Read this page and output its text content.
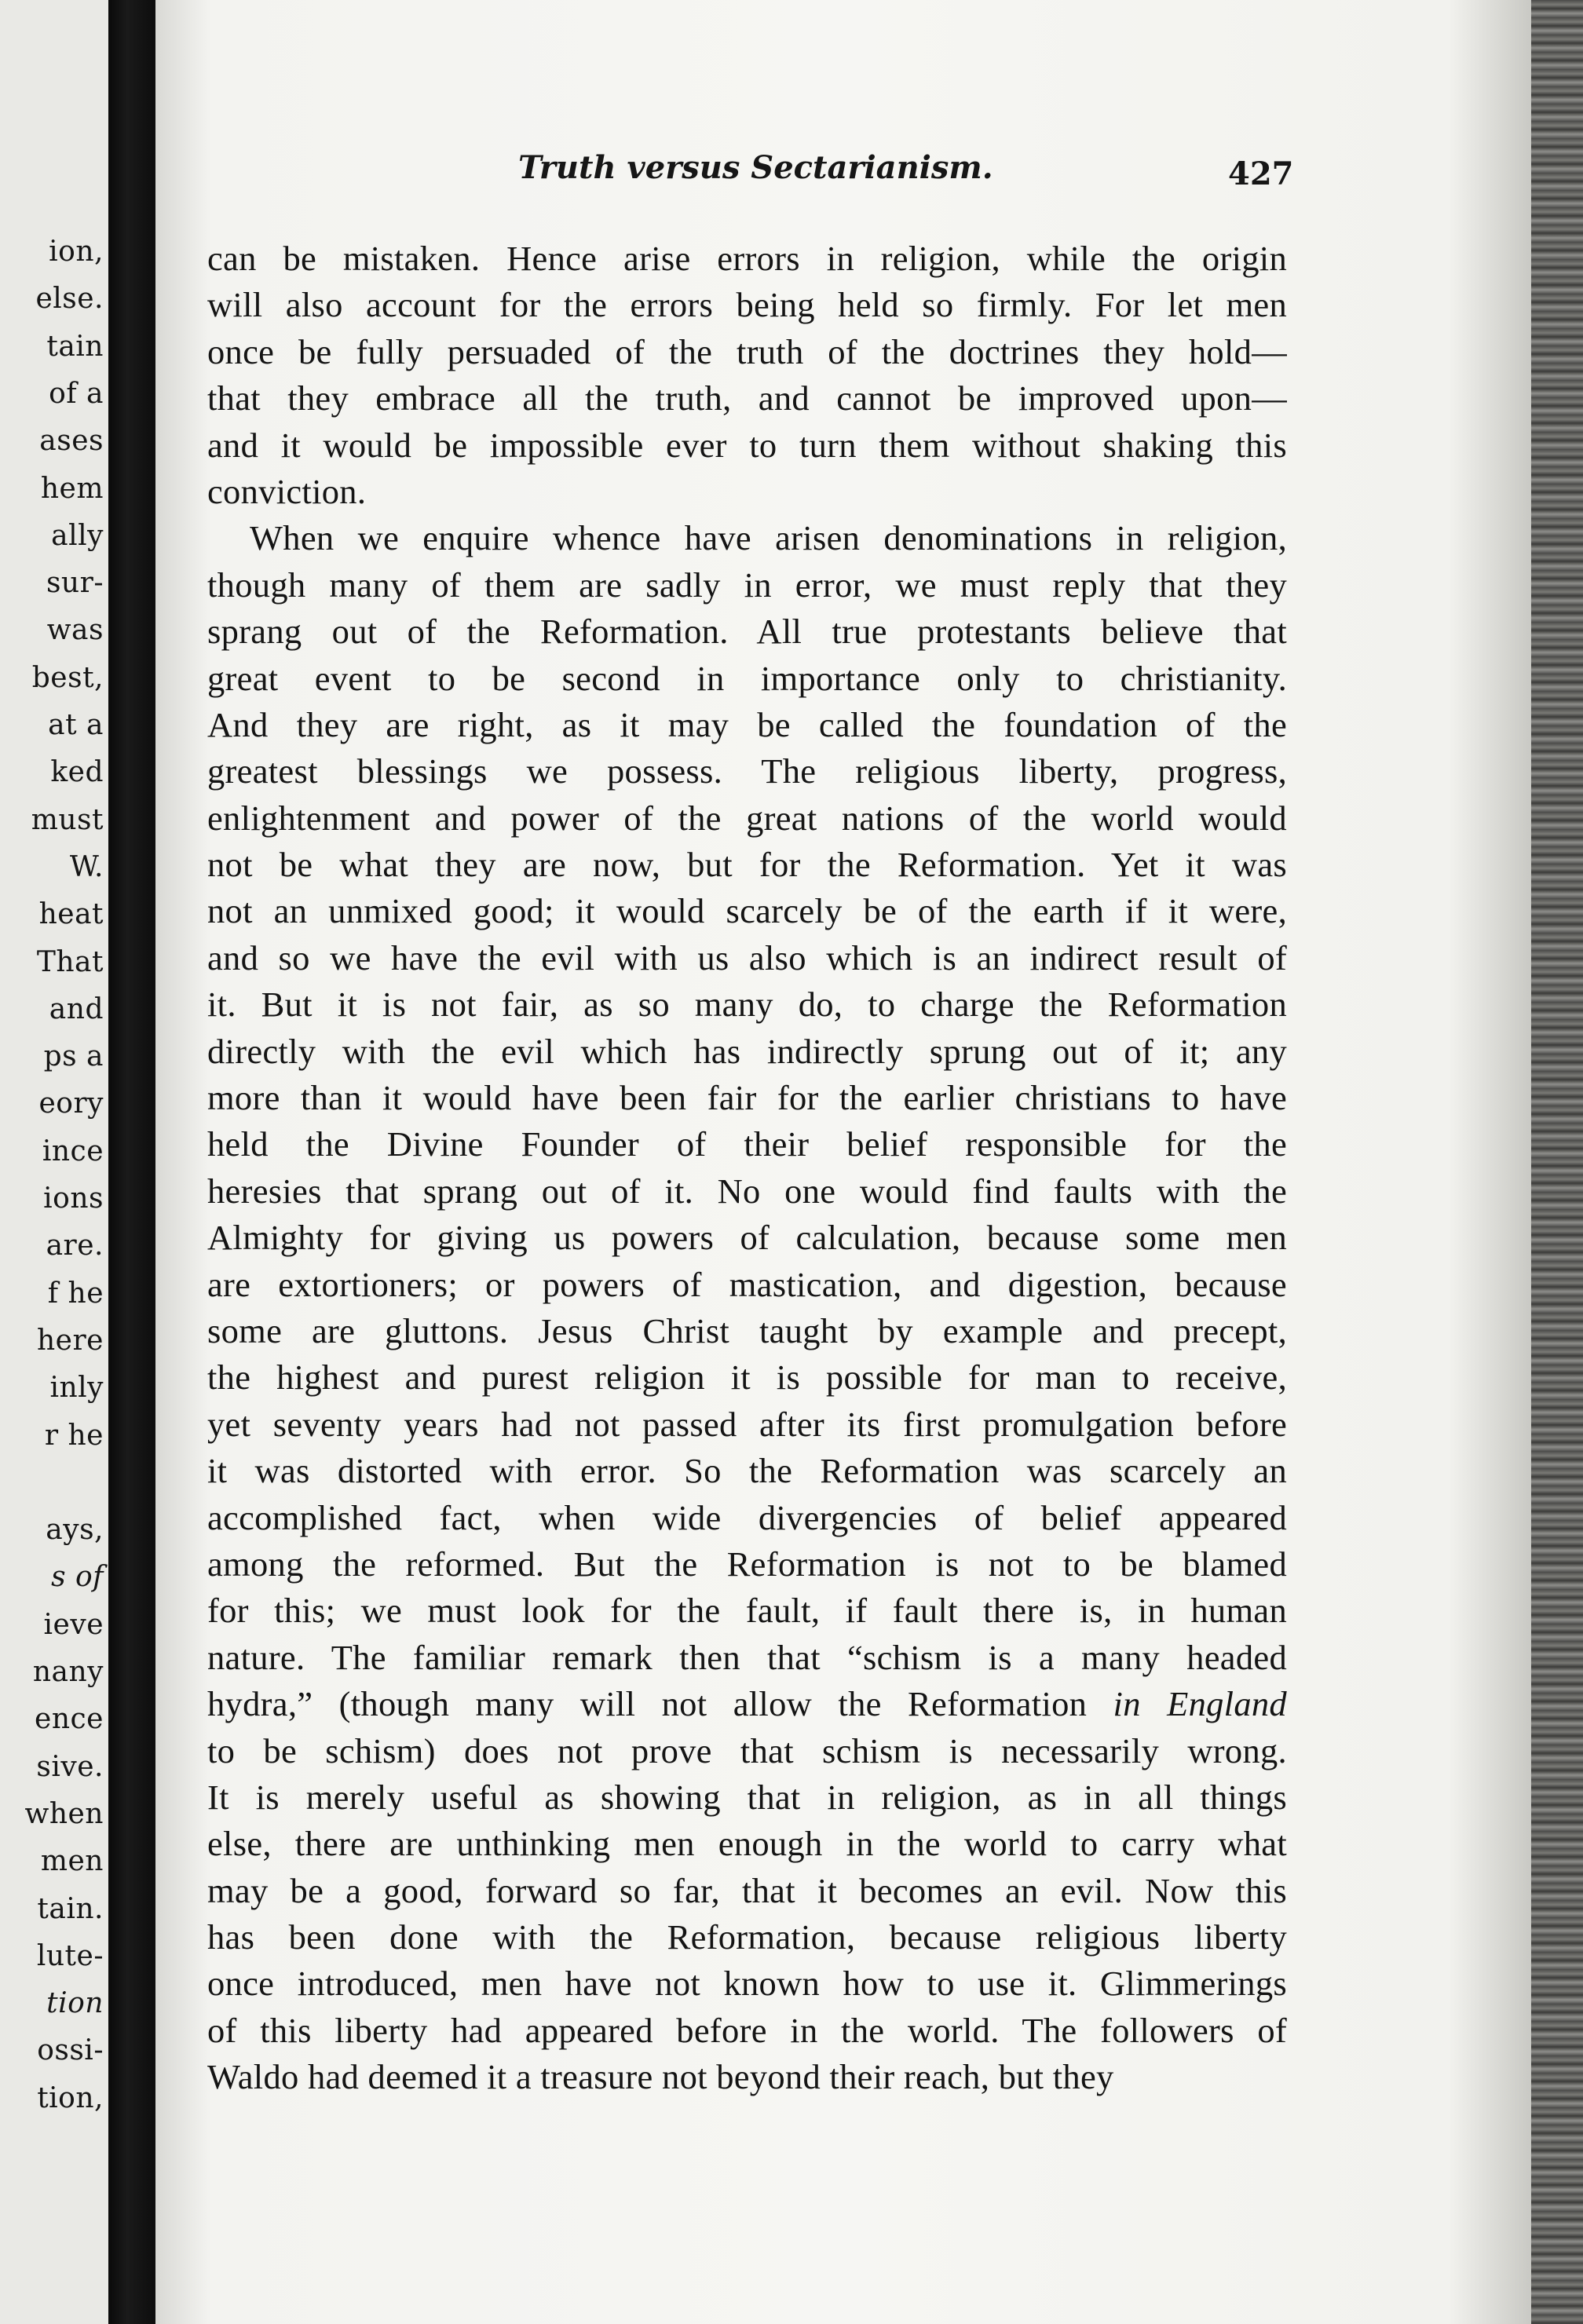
ion,
else.
tain
of a
ases
hem
ally
sur-
was
best,
at a
ked
must
W.
heat
That
and
ps a
eory
ince
ions
are.
f he
here
inly
r he
ays,
s of
ieve
nany
ence
sive.
when
men
tain.
lute-
tion
ossi-
tion,
Truth versus Sectarianism.	427
can be mistaken. Hence arise errors in religion, while the origin
will also account for the errors being held so firmly. For let men
once be fully persuaded of the truth of the doctrines they hold—
that they embrace all the truth, and cannot be improved upon—
and it would be impossible ever to turn them without shaking this
conviction.
When we enquire whence have arisen denominations in religion,
though many of them are sadly in error, we must reply that they
sprang out of the Reformation. All true protestants believe that
great event to be second in importance only to christianity.
And they are right, as it may be called the foundation of the
greatest blessings we possess. The religious liberty, progress,
enlightenment and power of the great nations of the world would
not be what they are now, but for the Reformation. Yet it was
not an unmixed good; it would scarcely be of the earth if it were,
and so we have the evil with us also which is an indirect result of
it. But it is not fair, as so many do, to charge the Reformation
directly with the evil which has indirectly sprung out of it; any
more than it would have been fair for the earlier christians to have
held the Divine Founder of their belief responsible for the
heresies that sprang out of it. No one would find faults with the
Almighty for giving us powers of calculation, because some men
are extortioners; or powers of mastication, and digestion, because
some are gluttons. Jesus Christ taught by example and precept,
the highest and purest religion it is possible for man to receive,
yet seventy years had not passed after its first promulgation before
it was distorted with error. So the Reformation was scarcely an
accomplished fact, when wide divergencies of belief appeared
among the reformed. But the Reformation is not to be blamed
for this; we must look for the fault, if fault there is, in human
nature. The familiar remark then that “schism is a many headed
hydra,” (though many will not allow the Reformation in England
to be schism) does not prove that schism is necessarily wrong.
It is merely useful as showing that in religion, as in all things
else, there are unthinking men enough in the world to carry what
may be a good, forward so far, that it becomes an evil. Now this
has been done with the Reformation, because religious liberty
once introduced, men have not known how to use it. Glimmerings
of this liberty had appeared before in the world. The followers of
Waldo had deemed it a treasure not beyond their reach, but they
